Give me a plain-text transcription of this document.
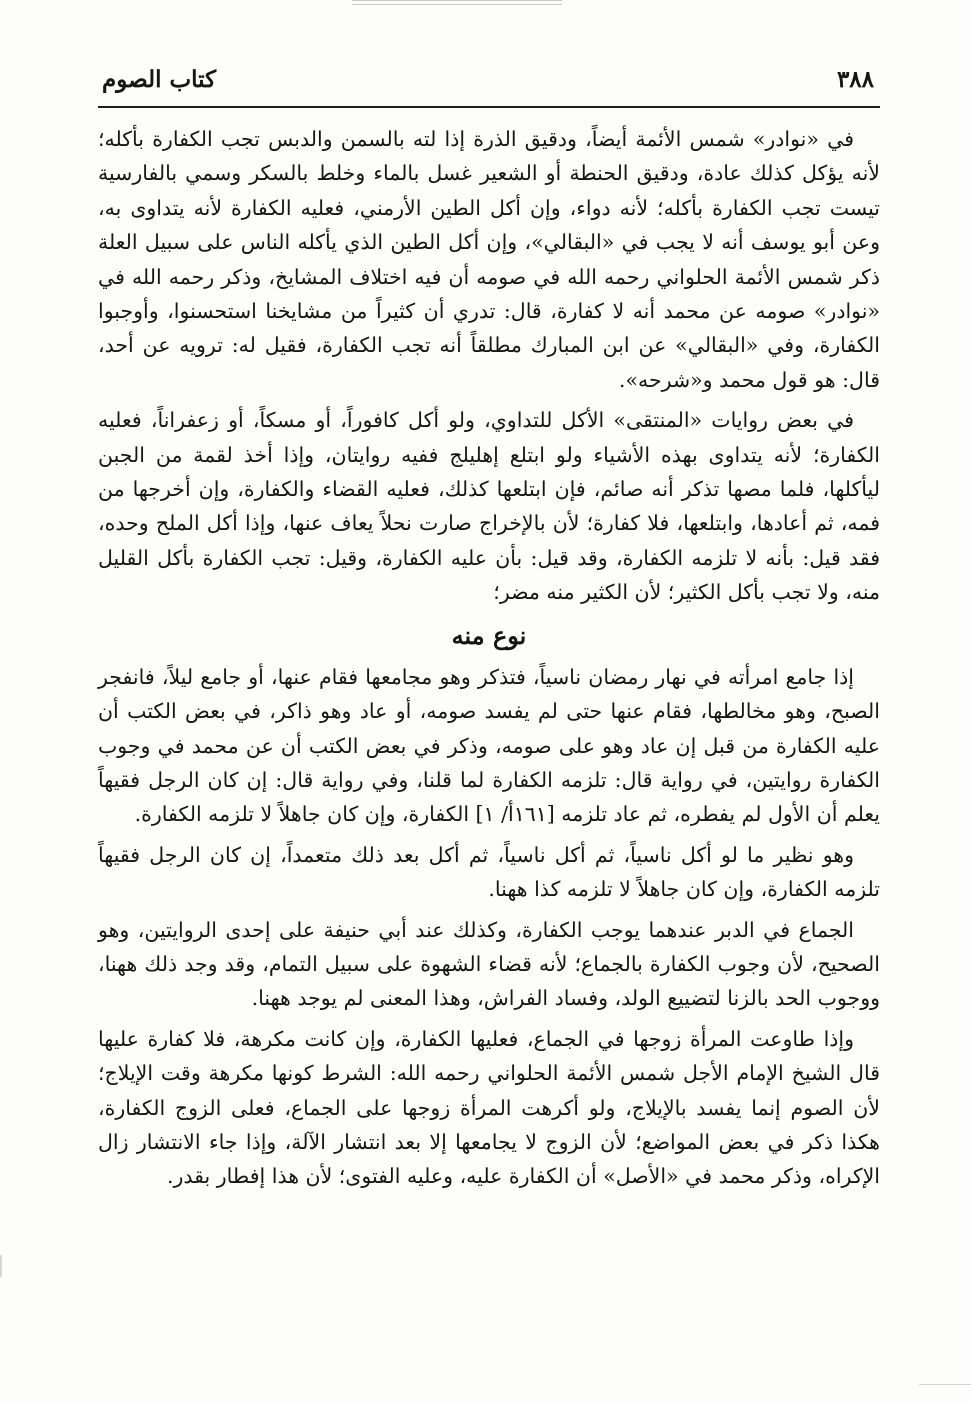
٣٨٨
كتاب الصوم

في «نوادر» شمس الأئمة أيضاً، ودقيق الذرة إذا لته بالسمن والدبس تجب الكفارة بأكله؛ لأنه يؤكل كذلك عادة، ودقيق الحنطة أو الشعير غسل بالماء وخلط بالسكر وسمي بالفارسية تيست تجب الكفارة بأكله؛ لأنه دواء، وإن أكل الطين الأرمني، فعليه الكفارة لأنه يتداوى به، وعن أبو يوسف أنه لا يجب في «البقالي»، وإن أكل الطين الذي يأكله الناس على سبيل العلة ذكر شمس الأئمة الحلواني رحمه الله في صومه أن فيه اختلاف المشايخ، وذكر رحمه الله في «نوادر» صومه عن محمد أنه لا كفارة، قال: تدري أن كثيراً من مشايخنا استحسنوا، وأوجبوا الكفارة، وفي «البقالي» عن ابن المبارك مطلقاً أنه تجب الكفارة، فقيل له: ترويه عن أحد، قال: هو قول محمد و«شرحه».

في بعض روايات «المنتقى» الأكل للتداوي، ولو أكل كافوراً، أو مسكاً، أو زعفراناً، فعليه الكفارة؛ لأنه يتداوى بهذه الأشياء ولو ابتلع إهليلج ففيه روايتان، وإذا أخذ لقمة من الجبن ليأكلها، فلما مصها تذكر أنه صائم، فإن ابتلعها كذلك، فعليه القضاء والكفارة، وإن أخرجها من فمه، ثم أعادها، وابتلعها، فلا كفارة؛ لأن بالإخراج صارت نحلاً يعاف عنها، وإذا أكل الملح وحده، فقد قيل: بأنه لا تلزمه الكفارة، وقد قيل: بأن عليه الكفارة، وقيل: تجب الكفارة بأكل القليل منه، ولا تجب بأكل الكثير؛ لأن الكثير منه مضر؛

نوع منه

إذا جامع امرأته في نهار رمضان ناسياً، فتذكر وهو مجامعها فقام عنها، أو جامع ليلاً، فانفجر الصبح، وهو مخالطها، فقام عنها حتى لم يفسد صومه، أو عاد وهو ذاكر، في بعض الكتب أن عليه الكفارة من قبل إن عاد وهو على صومه، وذكر في بعض الكتب أن عن محمد في وجوب الكفارة روايتين، في رواية قال: تلزمه الكفارة لما قلنا، وفي رواية قال: إن كان الرجل فقيهاً يعلم أن الأول لم يفطره، ثم عاد تلزمه [١٦١أ/ ١] الكفارة، وإن كان جاهلاً لا تلزمه الكفارة.

وهو نظير ما لو أكل ناسياً، ثم أكل ناسياً، ثم أكل بعد ذلك متعمداً، إن كان الرجل فقيهاً تلزمه الكفارة، وإن كان جاهلاً لا تلزمه كذا ههنا.

الجماع في الدبر عندهما يوجب الكفارة، وكذلك عند أبي حنيفة على إحدى الروايتين، وهو الصحيح، لأن وجوب الكفارة بالجماع؛ لأنه قضاء الشهوة على سبيل التمام، وقد وجد ذلك ههنا، ووجوب الحد بالزنا لتضييع الولد، وفساد الفراش، وهذا المعنى لم يوجد ههنا.

وإذا طاوعت المرأة زوجها في الجماع، فعليها الكفارة، وإن كانت مكرهة، فلا كفارة عليها قال الشيخ الإمام الأجل شمس الأئمة الحلواني رحمه الله: الشرط كونها مكرهة وقت الإيلاج؛ لأن الصوم إنما يفسد بالإيلاج، ولو أكرهت المرأة زوجها على الجماع، فعلى الزوج الكفارة، هكذا ذكر في بعض المواضع؛ لأن الزوج لا يجامعها إلا بعد انتشار الآلة، وإذا جاء الانتشار زال الإكراه، وذكر محمد في «الأصل» أن الكفارة عليه، وعليه الفتوى؛ لأن هذا إفطار بقدر.
